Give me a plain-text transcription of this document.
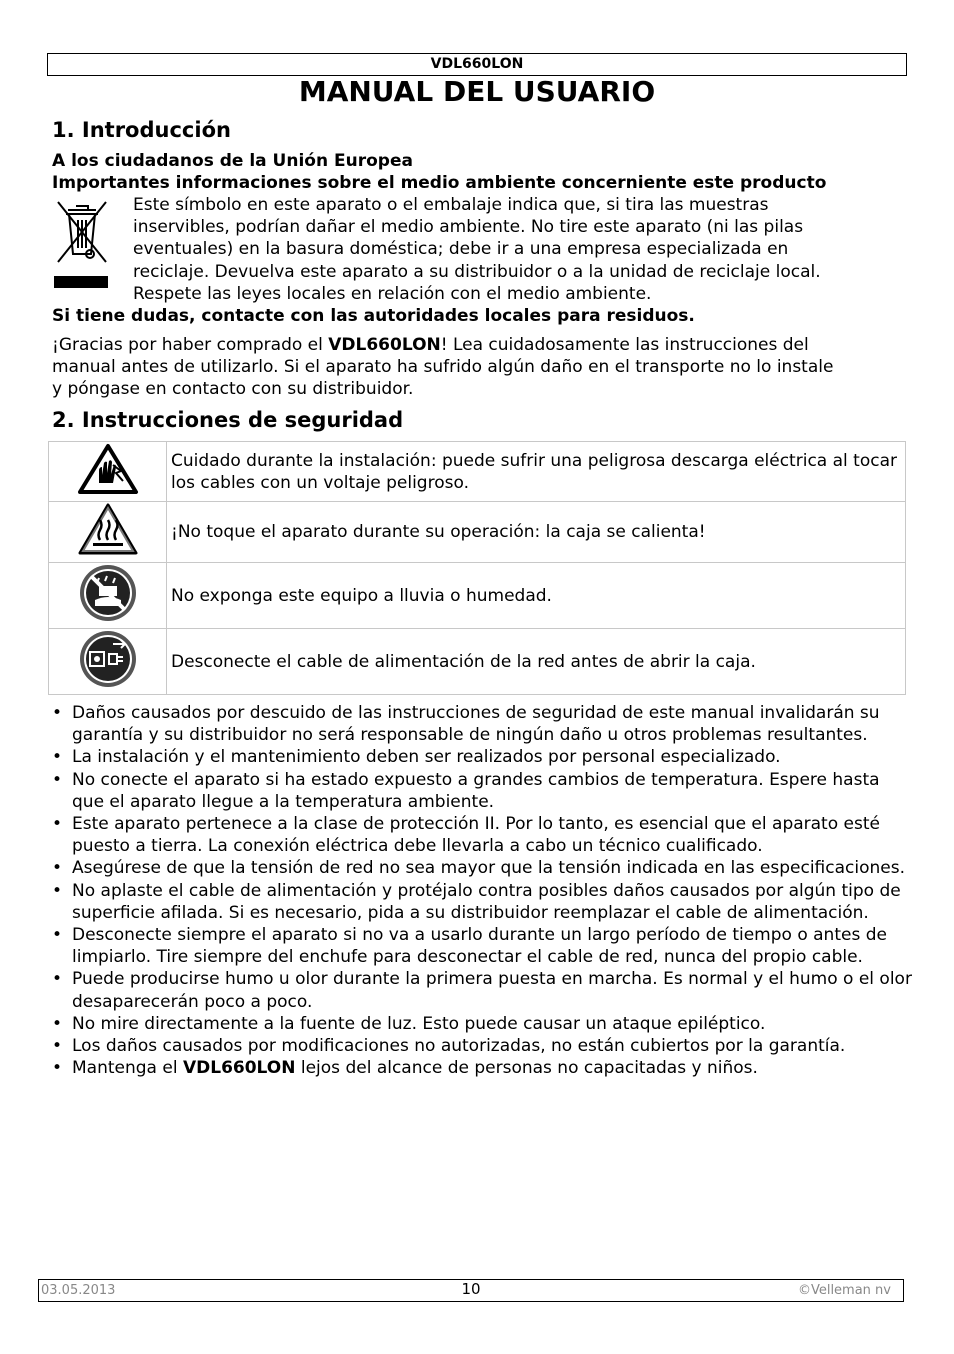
VDL660LON
MANUAL DEL USUARIO
1. Introducción
A los ciudadanos de la Unión Europea
Importantes informaciones sobre el medio ambiente concerniente este producto
Este símbolo en este aparato o el embalaje indica que, si tira las muestras
inservibles, podrían dañar el medio ambiente. No tire este aparato (ni las pilas
eventuales) en la basura doméstica; debe ir a una empresa especializada en
reciclaje. Devuelva este aparato a su distribuidor o a la unidad de reciclaje local.
Respete las leyes locales en relación con el medio ambiente.
Si tiene dudas, contacte con las autoridades locales para residuos.
¡Gracias por haber comprado el VDL660LON! Lea cuidadosamente las instrucciones del
manual antes de utilizarlo. Si el aparato ha sufrido algún daño en el transporte no lo instale
y póngase en contacto con su distribuidor.
2. Instrucciones de seguridad
	Cuidado durante la instalación: puede sufrir una peligrosa descarga eléctrica al tocar los cables con un voltaje peligroso.
	¡No toque el aparato durante su operación: la caja se calienta!
	No exponga este equipo a lluvia o humedad.
	Desconecte el cable de alimentación de la red antes de abrir la caja.
• Daños causados por descuido de las instrucciones de seguridad de este manual invalidarán su garantía y su distribuidor no será responsable de ningún daño u otros problemas resultantes.
• La instalación y el mantenimiento deben ser realizados por personal especializado.
• No conecte el aparato si ha estado expuesto a grandes cambios de temperatura. Espere hasta que el aparato llegue a la temperatura ambiente.
• Este aparato pertenece a la clase de protección II. Por lo tanto, es esencial que el aparato esté puesto a tierra. La conexión eléctrica debe llevarla a cabo un técnico cualificado.
• Asegúrese de que la tensión de red no sea mayor que la tensión indicada en las especificaciones.
• No aplaste el cable de alimentación y protéjalo contra posibles daños causados por algún tipo de superficie afilada. Si es necesario, pida a su distribuidor reemplazar el cable de alimentación.
• Desconecte siempre el aparato si no va a usarlo durante un largo período de tiempo o antes de limpiarlo. Tire siempre del enchufe para desconectar el cable de red, nunca del propio cable.
• Puede producirse humo u olor durante la primera puesta en marcha. Es normal y el humo o el olor desaparecerán poco a poco.
• No mire directamente a la fuente de luz. Esto puede causar un ataque epiléptico.
• Los daños causados por modificaciones no autorizadas, no están cubiertos por la garantía.
• Mantenga el VDL660LON lejos del alcance de personas no capacitadas y niños.
03.05.2013	10	©Velleman nv
